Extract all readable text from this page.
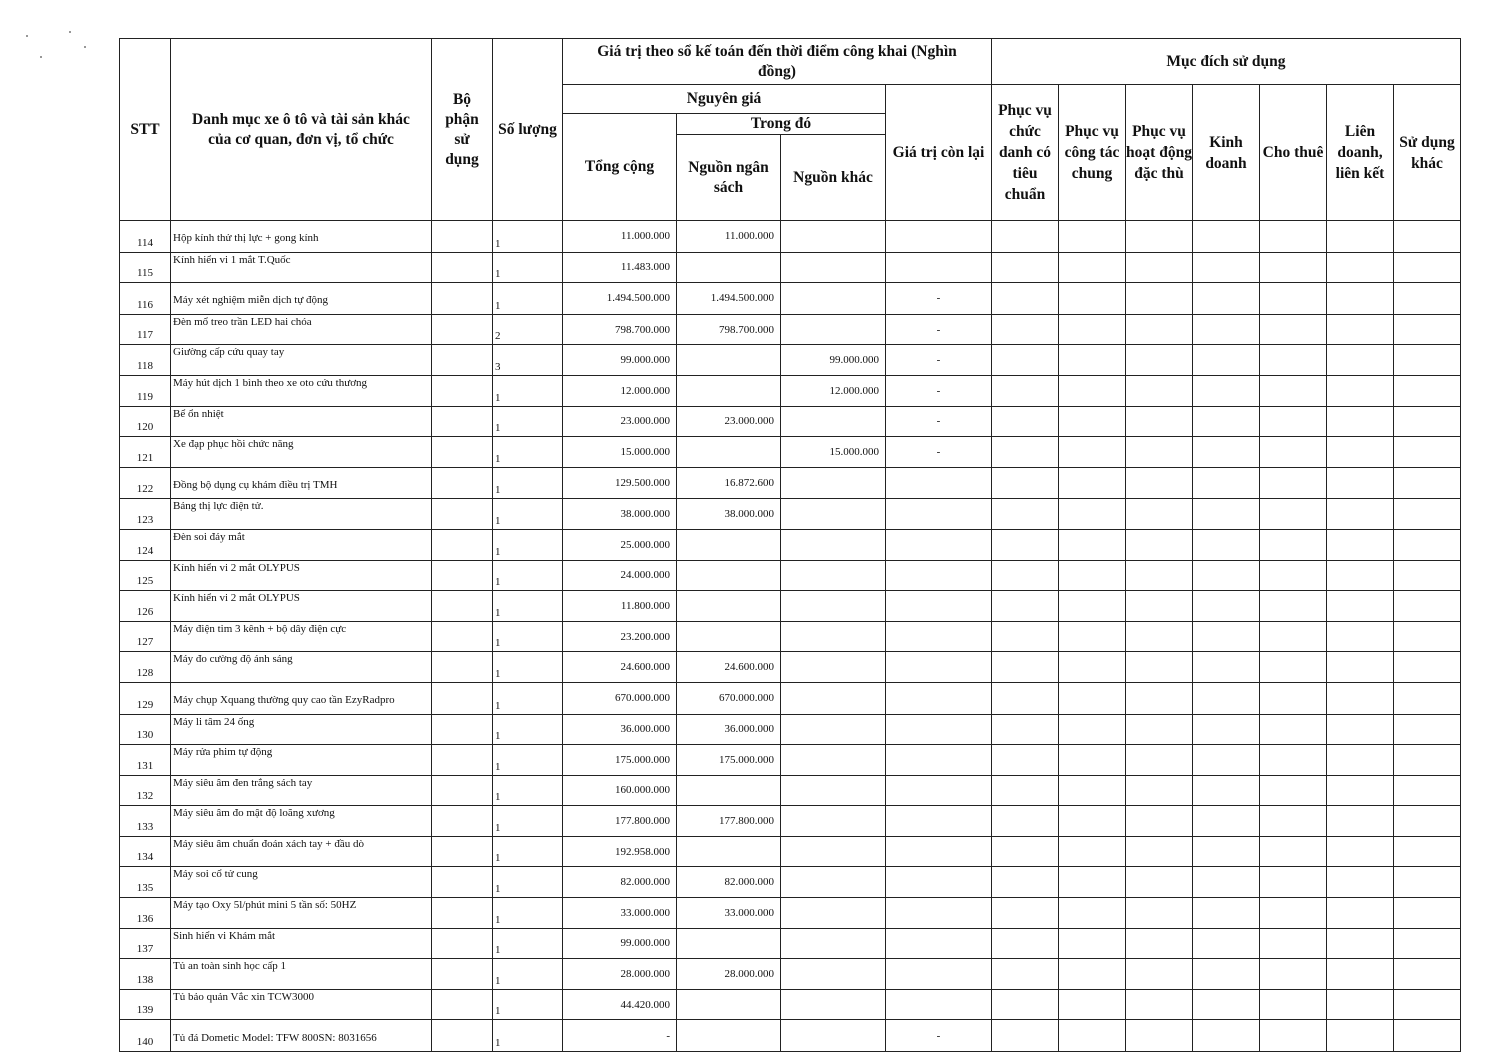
STT	Danh mục xe ô tô và tài sản khác của cơ quan, đơn vị, tổ chức	Bộ phận sử dụng	Số lượng	Giá trị theo sổ kế toán đến thời điểm công khai (Nghìn đồng)				Mục đích sử dụng						
				Nguyên giá			Giá trị còn lại	Phục vụ chức danh có tiêu chuẩn	Phục vụ công tác chung	Phục vụ hoạt động đặc thù	Kinh doanh	Cho thuê	Liên doanh, liên kết	Sử dụng khác
				Tổng cộng	Trong đó									
					Nguồn ngân sách	Nguồn khác								
114	Hộp kính thử thị lực + gong kính		1	11.000.000	11.000.000									
115	Kính hiển vi 1 mắt T.Quốc		1	11.483.000										
116	Máy xét nghiệm miễn dịch tự động		1	1.494.500.000	1.494.500.000		-							
117	Đèn mổ treo trần LED hai chóa		2	798.700.000	798.700.000		-							
118	Giường cấp cứu quay tay		3	99.000.000		99.000.000	-							
119	Máy hút dịch 1 bình theo xe oto cứu thương		1	12.000.000		12.000.000	-							
120	Bể ổn nhiệt		1	23.000.000	23.000.000		-							
121	Xe đạp phục hồi chức năng		1	15.000.000		15.000.000	-							
122	Đồng bộ dụng cụ khám điều trị TMH		1	129.500.000	16.872.600									
123	Bảng thị lực điện tử.		1	38.000.000	38.000.000									
124	Đèn soi đáy mắt		1	25.000.000										
125	Kính hiển vi 2 mắt OLYPUS		1	24.000.000										
126	Kính hiển vi 2 mắt OLYPUS		1	11.800.000										
127	Máy điện tim 3 kênh + bộ dây điện cực		1	23.200.000										
128	Máy đo cường độ ánh sáng		1	24.600.000	24.600.000									
129	Máy chụp Xquang thường quy cao tần EzyRadpro		1	670.000.000	670.000.000									
130	Máy li tâm 24 ống		1	36.000.000	36.000.000									
131	Máy rửa phim tự động		1	175.000.000	175.000.000									
132	Máy siêu âm đen trắng sách tay		1	160.000.000										
133	Máy siêu âm đo mật độ loãng xương		1	177.800.000	177.800.000									
134	Máy siêu âm chuẩn đoán xách tay + đầu dò		1	192.958.000										
135	Máy soi cổ tử cung		1	82.000.000	82.000.000									
136	Máy tạo Oxy 5l/phút mini 5 tần số: 50HZ		1	33.000.000	33.000.000									
137	Sinh hiển vi Khám mắt		1	99.000.000										
138	Tủ an toàn sinh học cấp 1		1	28.000.000	28.000.000									
139	Tủ bảo quản Vắc xin TCW3000		1	44.420.000										
140	Tủ đá Dometic Model: TFW 800SN: 8031656		1	-			-							
